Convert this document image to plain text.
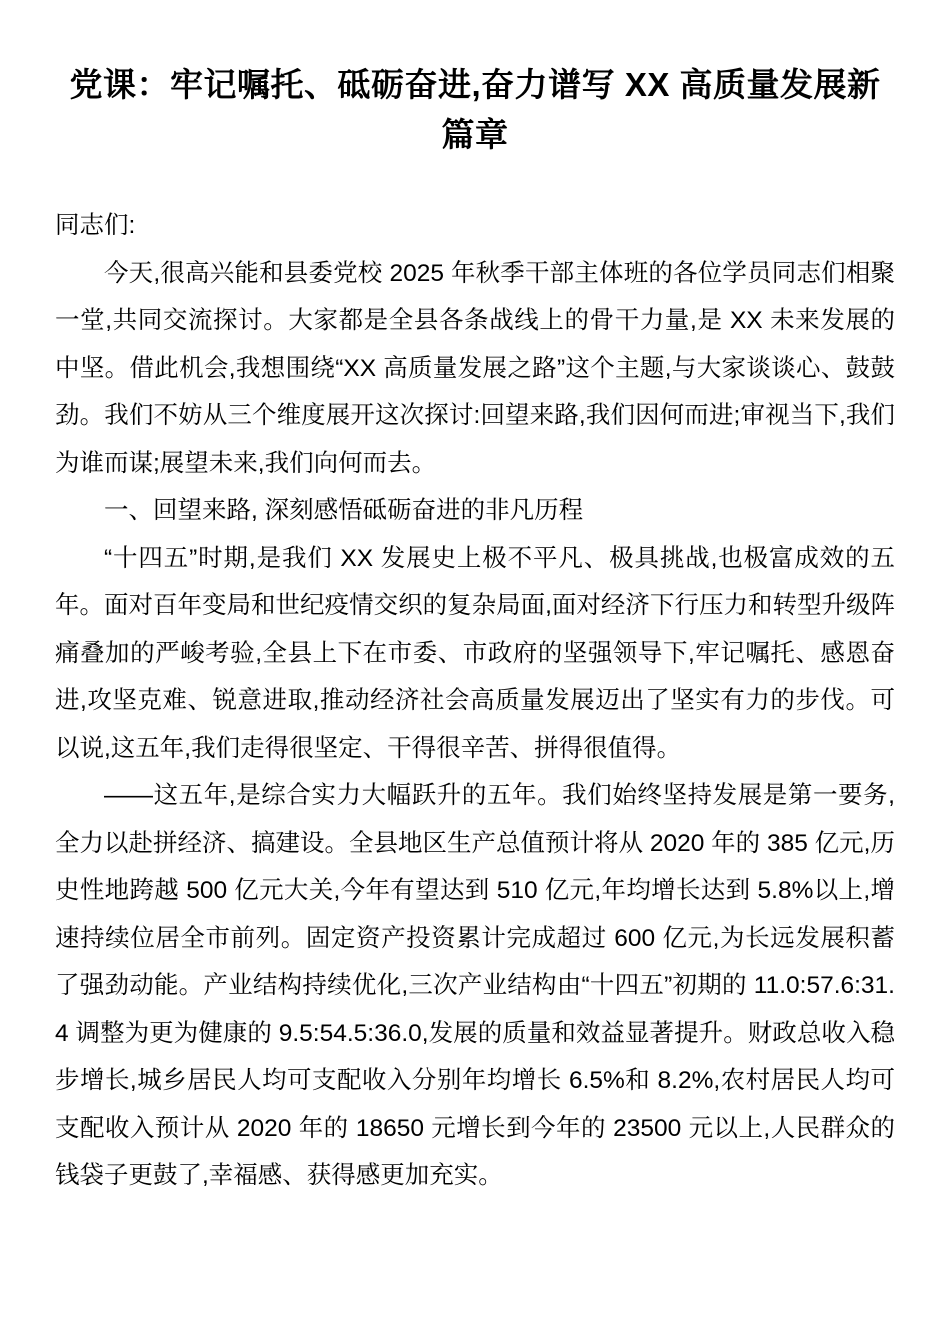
党课：牢记嘱托、砥砺奋进,奋力谱写 XX 高质量发展新篇章

同志们:

今天,很高兴能和县委党校 2025 年秋季干部主体班的各位学员同志们相聚一堂,共同交流探讨。大家都是全县各条战线上的骨干力量,是 XX 未来发展的中坚。借此机会,我想围绕“XX 高质量发展之路”这个主题,与大家谈谈心、鼓鼓劲。我们不妨从三个维度展开这次探讨:回望来路,我们因何而进;审视当下,我们为谁而谋;展望未来,我们向何而去。

一、回望来路, 深刻感悟砥砺奋进的非凡历程

“十四五”时期,是我们 XX 发展史上极不平凡、极具挑战,也极富成效的五年。面对百年变局和世纪疫情交织的复杂局面,面对经济下行压力和转型升级阵痛叠加的严峻考验,全县上下在市委、市政府的坚强领导下,牢记嘱托、感恩奋进,攻坚克难、锐意进取,推动经济社会高质量发展迈出了坚实有力的步伐。可以说,这五年,我们走得很坚定、干得很辛苦、拼得很值得。

——这五年,是综合实力大幅跃升的五年。我们始终坚持发展是第一要务,全力以赴拼经济、搞建设。全县地区生产总值预计将从 2020 年的 385 亿元,历史性地跨越 500 亿元大关,今年有望达到 510 亿元,年均增长达到 5.8%以上,增速持续位居全市前列。固定资产投资累计完成超过 600 亿元,为长远发展积蓄了强劲动能。产业结构持续优化,三次产业结构由“十四五”初期的 11.0:57.6:31.4 调整为更为健康的 9.5:54.5:36.0,发展的质量和效益显著提升。财政总收入稳步增长,城乡居民人均可支配收入分别年均增长 6.5%和 8.2%,农村居民人均可支配收入预计从 2020 年的 18650 元增长到今年的 23500 元以上,人民群众的钱袋子更鼓了,幸福感、获得感更加充实。
